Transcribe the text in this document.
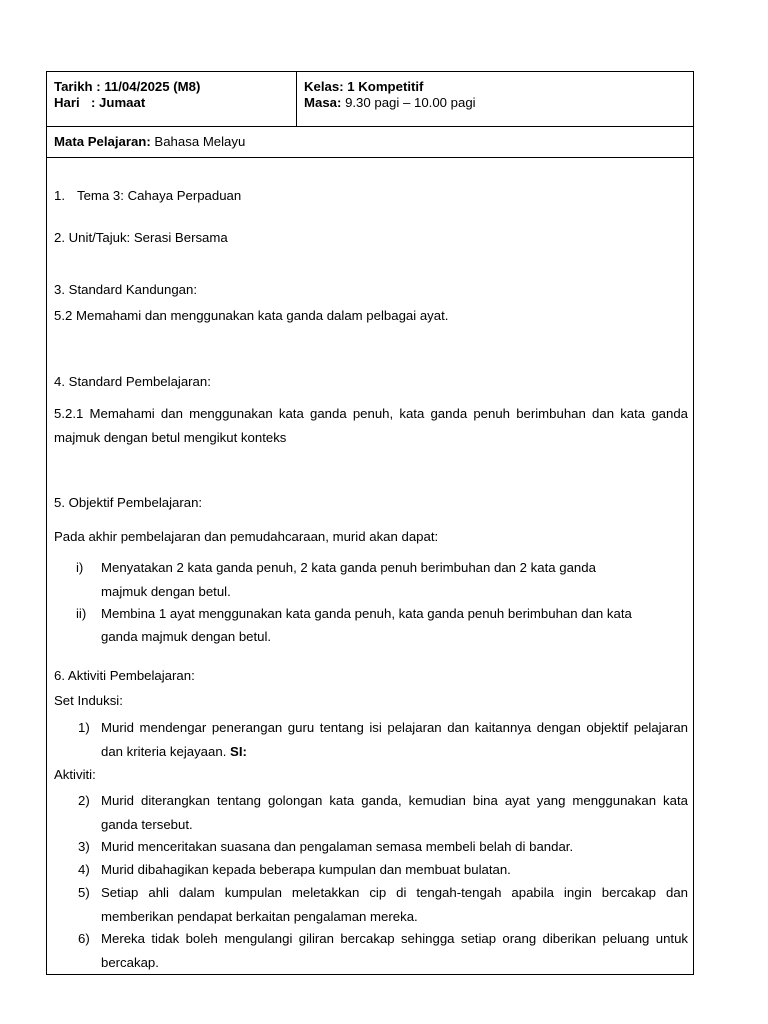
Tarikh : 11/04/2025 (M8)
Hari : Jumaat
Kelas: 1 Kompetitif
Masa: 9.30 pagi – 10.00 pagi
Mata Pelajaran: Bahasa Melayu
1. Tema 3: Cahaya Perpaduan
2. Unit/Tajuk: Serasi Bersama
3. Standard Kandungan:
5.2 Memahami dan menggunakan kata ganda dalam pelbagai ayat.
4. Standard Pembelajaran:
5.2.1 Memahami dan menggunakan kata ganda penuh, kata ganda penuh berimbuhan dan kata ganda majmuk dengan betul mengikut konteks
5. Objektif Pembelajaran:
Pada akhir pembelajaran dan pemudahcaraan, murid akan dapat:
i) Menyatakan 2 kata ganda penuh, 2 kata ganda penuh berimbuhan dan 2 kata ganda
majmuk dengan betul.
ii) Membina 1 ayat menggunakan kata ganda penuh, kata ganda penuh berimbuhan dan kata
ganda majmuk dengan betul.
6. Aktiviti Pembelajaran:
Set Induksi:
1) Murid mendengar penerangan guru tentang isi pelajaran dan kaitannya dengan objektif pelajaran dan kriteria kejayaan. SI:
Aktiviti:
2) Murid diterangkan tentang golongan kata ganda, kemudian bina ayat yang menggunakan kata ganda tersebut.
3) Murid menceritakan suasana dan pengalaman semasa membeli belah di bandar.
4) Murid dibahagikan kepada beberapa kumpulan dan membuat bulatan.
5) Setiap ahli dalam kumpulan meletakkan cip di tengah-tengah apabila ingin bercakap dan memberikan pendapat berkaitan pengalaman mereka.
6) Mereka tidak boleh mengulangi giliran bercakap sehingga setiap orang diberikan peluang untuk bercakap.
